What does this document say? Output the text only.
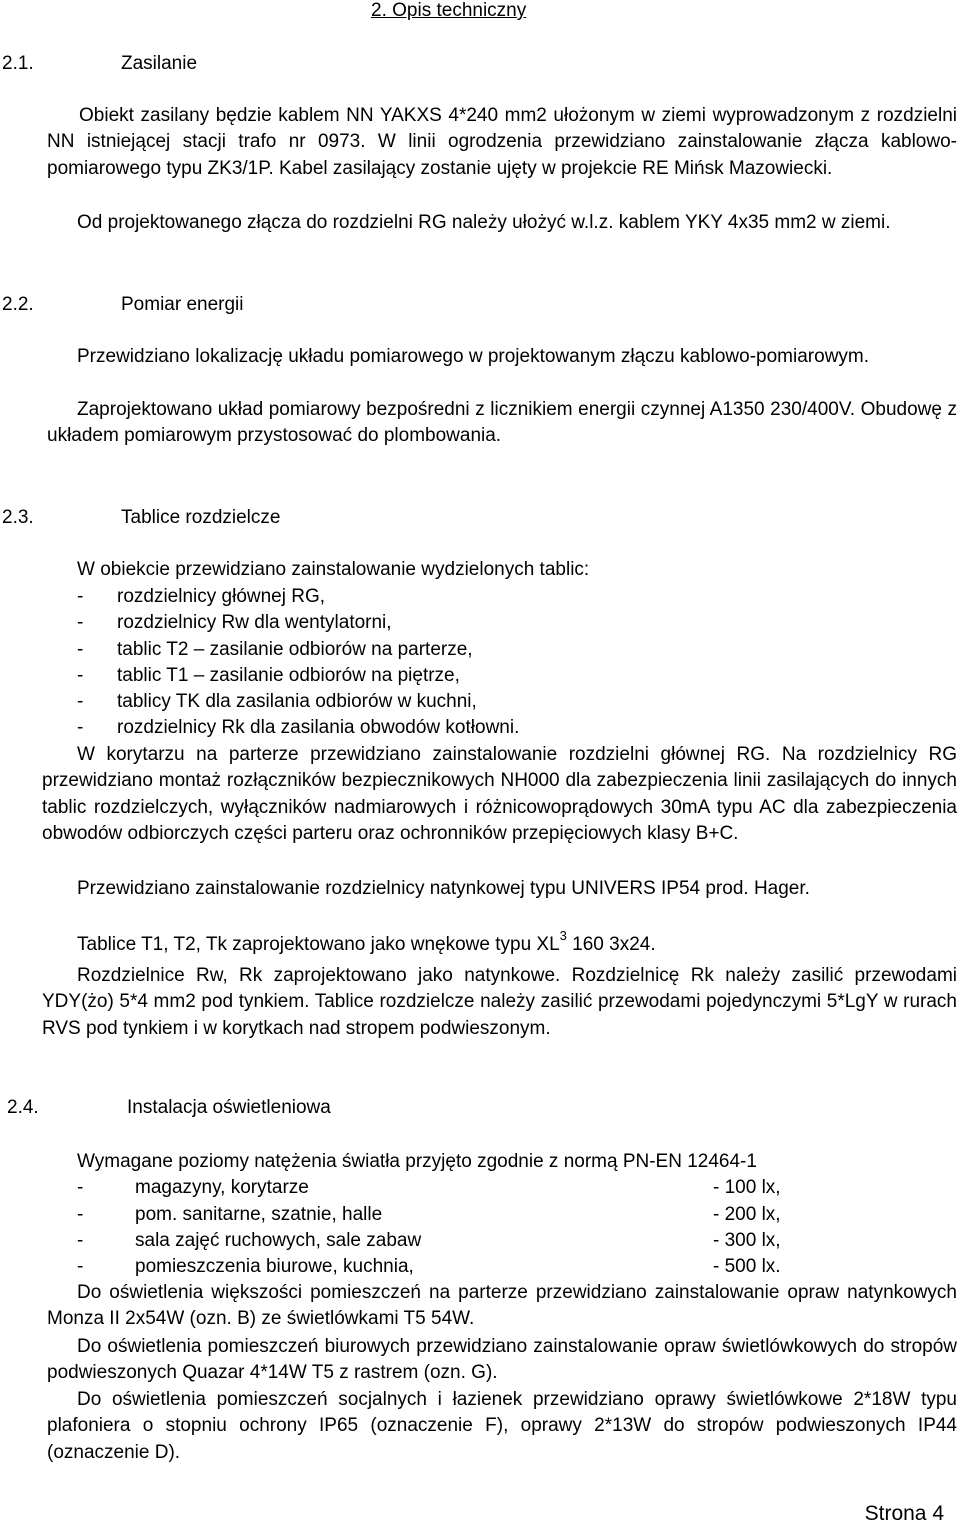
2. Opis techniczny
2.1.	Zasilanie

Obiekt zasilany będzie kablem NN YAKXS 4*240 mm2 ułożonym w ziemi wyprowadzonym z rozdzielni NN istniejącej stacji trafo nr 0973. W linii ogrodzenia przewidziano zainstalowanie złącza kablowo-pomiarowego typu ZK3/1P. Kabel zasilający zostanie ujęty w projekcie RE Mińsk Mazowiecki.

Od projektowanego złącza do rozdzielni RG należy ułożyć w.l.z. kablem YKY 4x35 mm2 w ziemi.

2.2.	Pomiar energii

Przewidziano lokalizację układu pomiarowego w projektowanym złączu kablowo-pomiarowym.

Zaprojektowano układ pomiarowy bezpośredni z licznikiem energii czynnej A1350 230/400V. Obudowę z układem pomiarowym przystosować do plombowania.

2.3.	Tablice rozdzielcze
W obiekcie przewidziano zainstalowanie wydzielonych tablic:
- rozdzielnicy głównej RG,
- rozdzielnicy Rw dla wentylatorni,
- tablic T2 – zasilanie odbiorów na parterze,
- tablic T1 – zasilanie odbiorów na piętrze,
- tablicy TK dla zasilania odbiorów w kuchni,
- rozdzielnicy Rk dla zasilania obwodów kotłowni.

W korytarzu na parterze przewidziano zainstalowanie rozdzielni głównej RG. Na rozdzielnicy RG przewidziano montaż rozłączników bezpiecznikowych NH000 dla zabezpieczenia linii zasilających do innych tablic rozdzielczych, wyłączników nadmiarowych i różnicowoprądowych 30mA typu AC dla zabezpieczenia obwodów odbiorczych części parteru oraz ochronników przepięciowych klasy B+C.

Przewidziano zainstalowanie rozdzielnicy natynkowej typu UNIVERS IP54 prod. Hager.

Tablice T1, T2, Tk zaprojektowano jako wnękowe typu $XL^3$ 160 3x24.

Rozdzielnice Rw, Rk zaprojektowano jako natynkowe. Rozdzielnicę Rk należy zasilić przewodami YDY(żo) 5*4 mm2 pod tynkiem. Tablice rozdzielcze należy zasilić przewodami pojedynczymi 5*LgY w rurach RVS pod tynkiem i w korytkach nad stropem podwieszonym.

2.4.	Instalacja oświetleniowa
Wymagane poziomy natężenia światła przyjęto zgodnie z normą PN-EN 12464-1
-	magazyny, korytarze	- 100 lx,
-	pom. sanitarne, szatnie, halle	- 200 lx,
-	sala zajęć ruchowych, sale zabaw	- 300 lx,
-	pomieszczenia biurowe, kuchnia,	- 500 lx.

Do oświetlenia większości pomieszczeń na parterze przewidziano zainstalowanie opraw natynkowych Monza II 2x54W (ozn. B) ze świetlówkami T5 54W.

Do oświetlenia pomieszczeń biurowych przewidziano zainstalowanie opraw świetlówkowych do stropów podwieszonych Quazar 4*14W T5 z rastrem (ozn. G).

Do oświetlenia pomieszczeń socjalnych i łazienek przewidziano oprawy świetlówkowe 2*18W typu plafoniera o stopniu ochrony IP65 (oznaczenie F), oprawy 2*13W do stropów podwieszonych IP44 (oznaczenie D).

Strona 4
